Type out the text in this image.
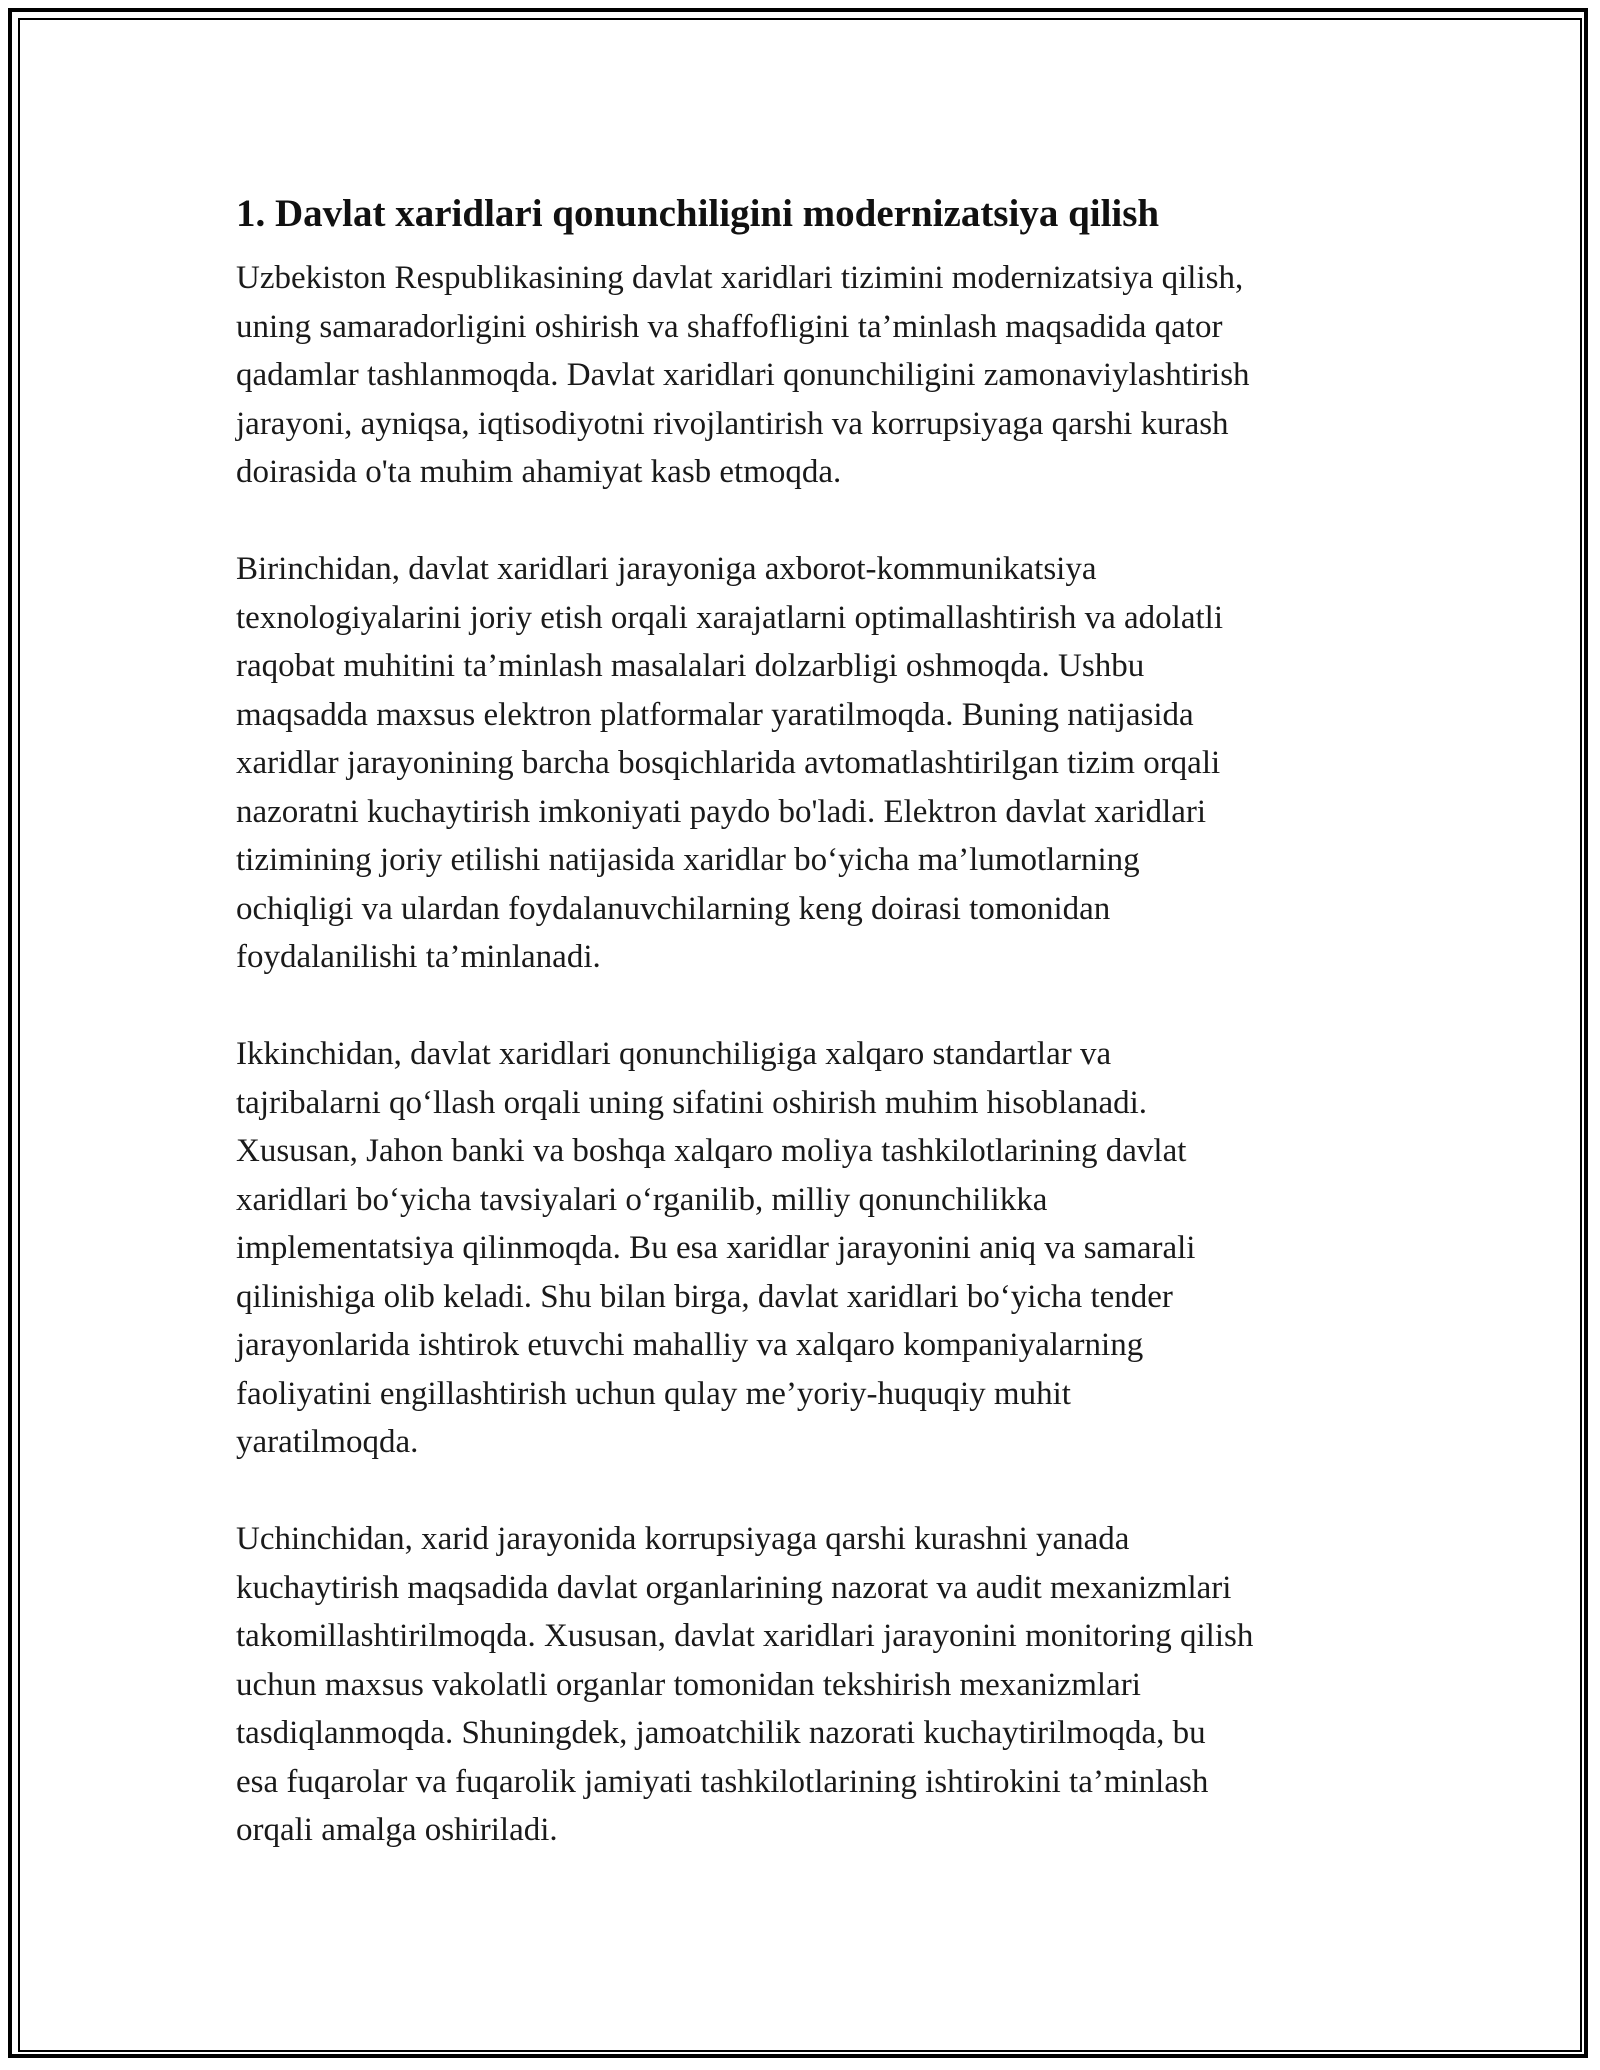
1. Davlat xaridlari qonunchiligini modernizatsiya qilish

Uzbekiston Respublikasining davlat xaridlari tizimini modernizatsiya qilish,
uning samaradorligini oshirish va shaffofligini ta’minlash maqsadida qator
qadamlar tashlanmoqda. Davlat xaridlari qonunchiligini zamonaviylashtirish
jarayoni, ayniqsa, iqtisodiyotni rivojlantirish va korrupsiyaga qarshi kurash
doirasida o'ta muhim ahamiyat kasb etmoqda.

Birinchidan, davlat xaridlari jarayoniga axborot-kommunikatsiya
texnologiyalarini joriy etish orqali xarajatlarni optimallashtirish va adolatli
raqobat muhitini ta’minlash masalalari dolzarbligi oshmoqda. Ushbu
maqsadda maxsus elektron platformalar yaratilmoqda. Buning natijasida
xaridlar jarayonining barcha bosqichlarida avtomatlashtirilgan tizim orqali
nazoratni kuchaytirish imkoniyati paydo bo'ladi. Elektron davlat xaridlari
tizimining joriy etilishi natijasida xaridlar bo‘yicha ma’lumotlarning
ochiqligi va ulardan foydalanuvchilarning keng doirasi tomonidan
foydalanilishi ta’minlanadi.

Ikkinchidan, davlat xaridlari qonunchiligiga xalqaro standartlar va
tajribalarni qo‘llash orqali uning sifatini oshirish muhim hisoblanadi.
Xususan, Jahon banki va boshqa xalqaro moliya tashkilotlarining davlat
xaridlari bo‘yicha tavsiyalari o‘rganilib, milliy qonunchilikka
implementatsiya qilinmoqda. Bu esa xaridlar jarayonini aniq va samarali
qilinishiga olib keladi. Shu bilan birga, davlat xaridlari bo‘yicha tender
jarayonlarida ishtirok etuvchi mahalliy va xalqaro kompaniyalarning
faoliyatini engillashtirish uchun qulay me’yoriy-huquqiy muhit
yaratilmoqda.

Uchinchidan, xarid jarayonida korrupsiyaga qarshi kurashni yanada
kuchaytirish maqsadida davlat organlarining nazorat va audit mexanizmlari
takomillashtirilmoqda. Xususan, davlat xaridlari jarayonini monitoring qilish
uchun maxsus vakolatli organlar tomonidan tekshirish mexanizmlari
tasdiqlanmoqda. Shuningdek, jamoatchilik nazorati kuchaytirilmoqda, bu
esa fuqarolar va fuqarolik jamiyati tashkilotlarining ishtirokini ta’minlash
orqali amalga oshiriladi.
